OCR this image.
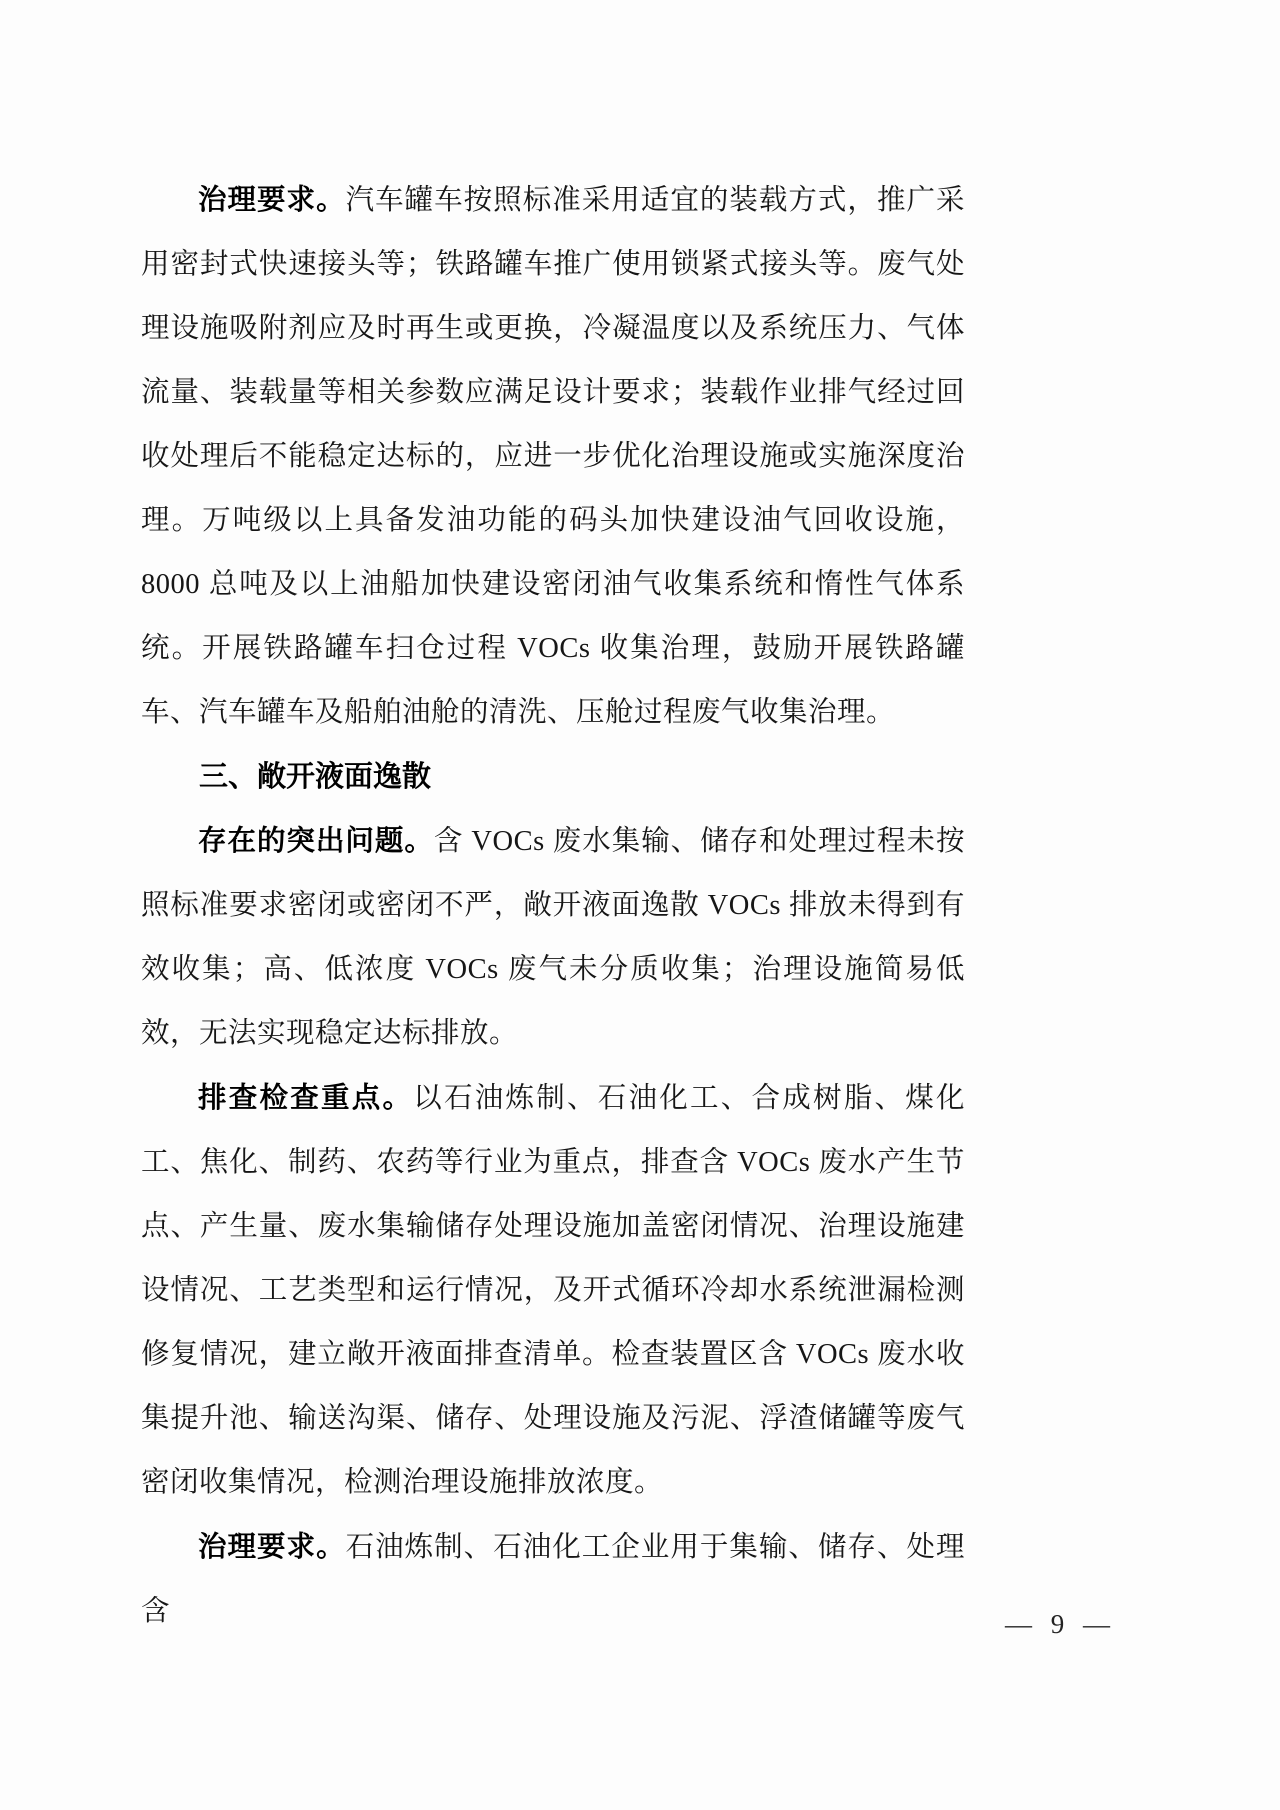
治理要求。汽车罐车按照标准采用适宜的装载方式，推广采用密封式快速接头等；铁路罐车推广使用锁紧式接头等。废气处理设施吸附剂应及时再生或更换，冷凝温度以及系统压力、气体流量、装载量等相关参数应满足设计要求；装载作业排气经过回收处理后不能稳定达标的，应进一步优化治理设施或实施深度治理。万吨级以上具备发油功能的码头加快建设油气回收设施，8000 总吨及以上油船加快建设密闭油气收集系统和惰性气体系统。开展铁路罐车扫仓过程 VOCs 收集治理，鼓励开展铁路罐车、汽车罐车及船舶油舱的清洗、压舱过程废气收集治理。

三、敞开液面逸散

存在的突出问题。含 VOCs 废水集输、储存和处理过程未按照标准要求密闭或密闭不严，敞开液面逸散 VOCs 排放未得到有效收集；高、低浓度 VOCs 废气未分质收集；治理设施简易低效，无法实现稳定达标排放。

排查检查重点。以石油炼制、石油化工、合成树脂、煤化工、焦化、制药、农药等行业为重点，排查含 VOCs 废水产生节点、产生量、废水集输储存处理设施加盖密闭情况、治理设施建设情况、工艺类型和运行情况，及开式循环冷却水系统泄漏检测修复情况，建立敞开液面排查清单。检查装置区含 VOCs 废水收集提升池、输送沟渠、储存、处理设施及污泥、浮渣储罐等废气密闭收集情况，检测治理设施排放浓度。

治理要求。石油炼制、石油化工企业用于集输、储存、处理含	— 9 —
